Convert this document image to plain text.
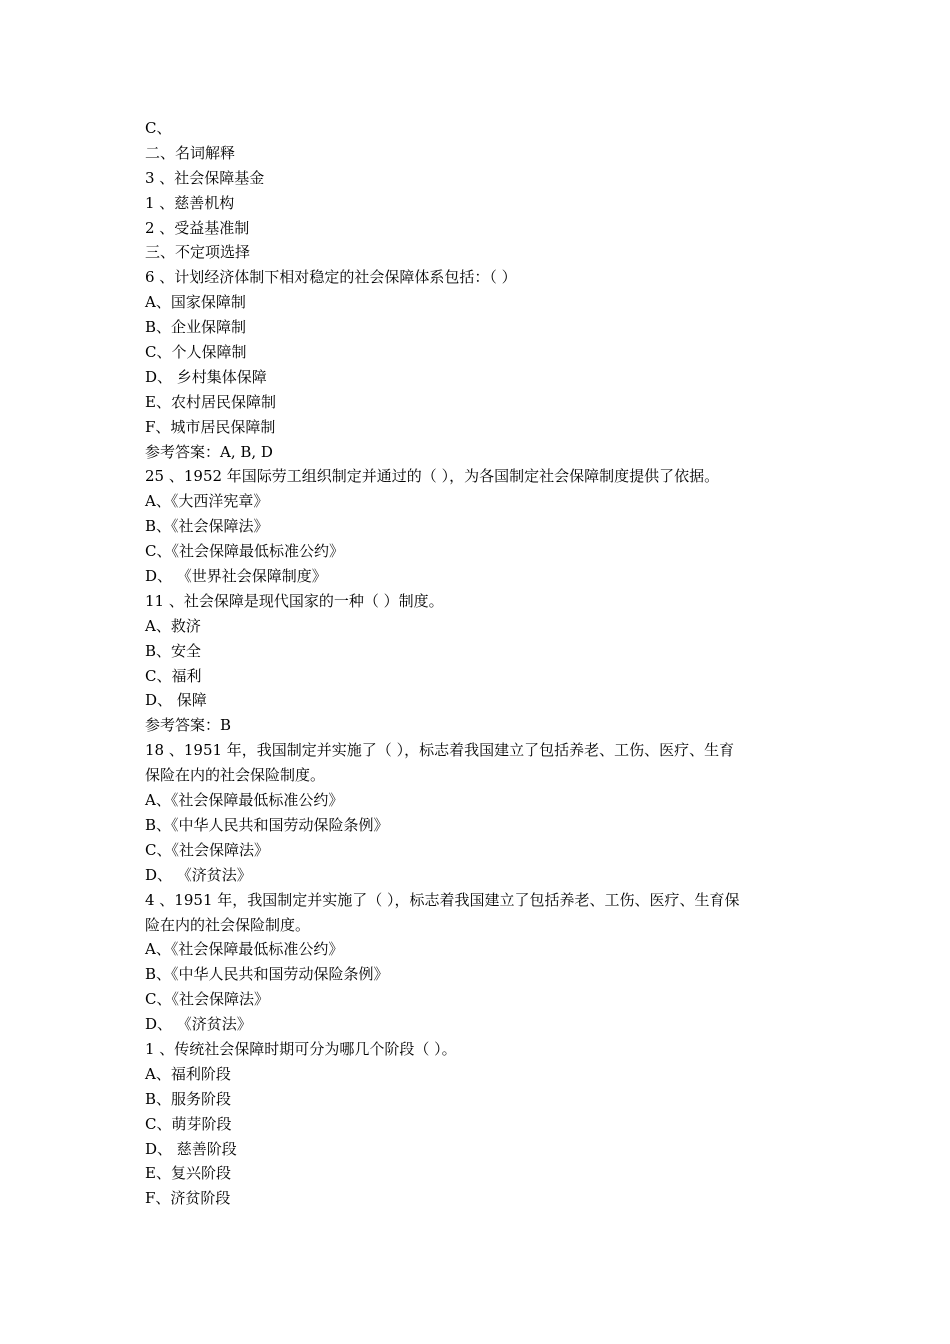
C、

二、名词解释

3 、社会保障基金

1 、慈善机构

2 、受益基准制

三、不定项选择

6 、计划经济体制下相对稳定的社会保障体系包括：（ ）

A、国家保障制

B、企业保障制

C、个人保障制

D、 乡村集体保障

E、农村居民保障制

F、城市居民保障制

参考答案：A, B, D

25 、1952 年国际劳工组织制定并通过的（ ），为各国制定社会保障制度提供了依据。

A、《大西洋宪章》

B、《社会保障法》

C、《社会保障最低标准公约》

D、 《世界社会保障制度》

11 、社会保障是现代国家的一种（ ）制度。

A、救济

B、安全

C、福利

D、 保障

参考答案：B

18 、1951 年，我国制定并实施了（ ），标志着我国建立了包括养老、工伤、医疗、生育

保险在内的社会保险制度。

A、《社会保障最低标准公约》

B、《中华人民共和国劳动保险条例》

C、《社会保障法》

D、 《济贫法》

4 、1951 年，我国制定并实施了（ ），标志着我国建立了包括养老、工伤、医疗、生育保

险在内的社会保险制度。

A、《社会保障最低标准公约》

B、《中华人民共和国劳动保险条例》

C、《社会保障法》

D、 《济贫法》

1 、传统社会保障时期可分为哪几个阶段（ ）。

A、福利阶段

B、服务阶段

C、萌芽阶段

D、 慈善阶段

E、复兴阶段

F、济贫阶段
